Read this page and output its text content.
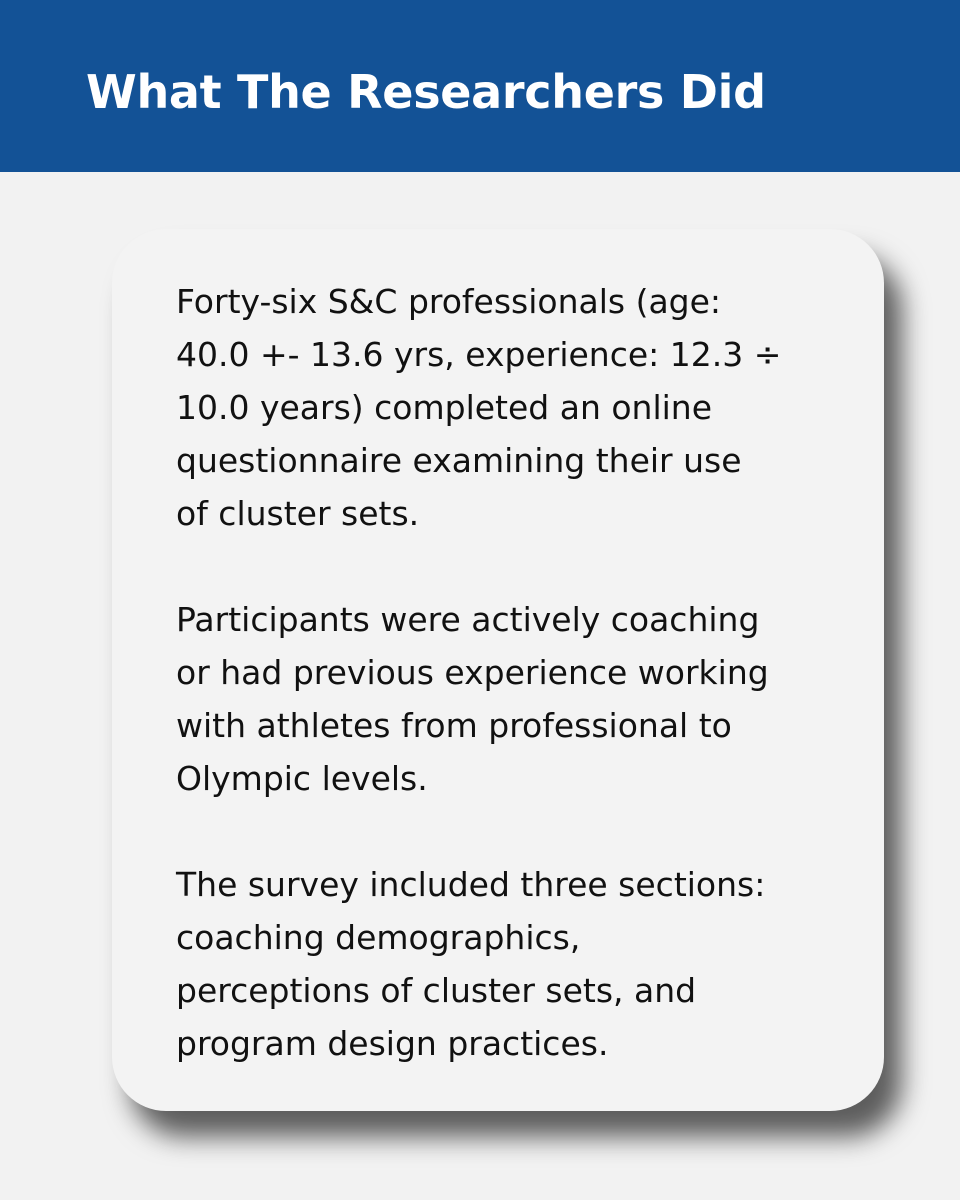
What The Researchers Did

Forty-six S&C professionals (age:
40.0 +- 13.6 yrs, experience: 12.3 ÷
10.0 years) completed an online
questionnaire examining their use
of cluster sets.

Participants were actively coaching
or had previous experience working
with athletes from professional to
Olympic levels.

The survey included three sections:
coaching demographics,
perceptions of cluster sets, and
program design practices.
